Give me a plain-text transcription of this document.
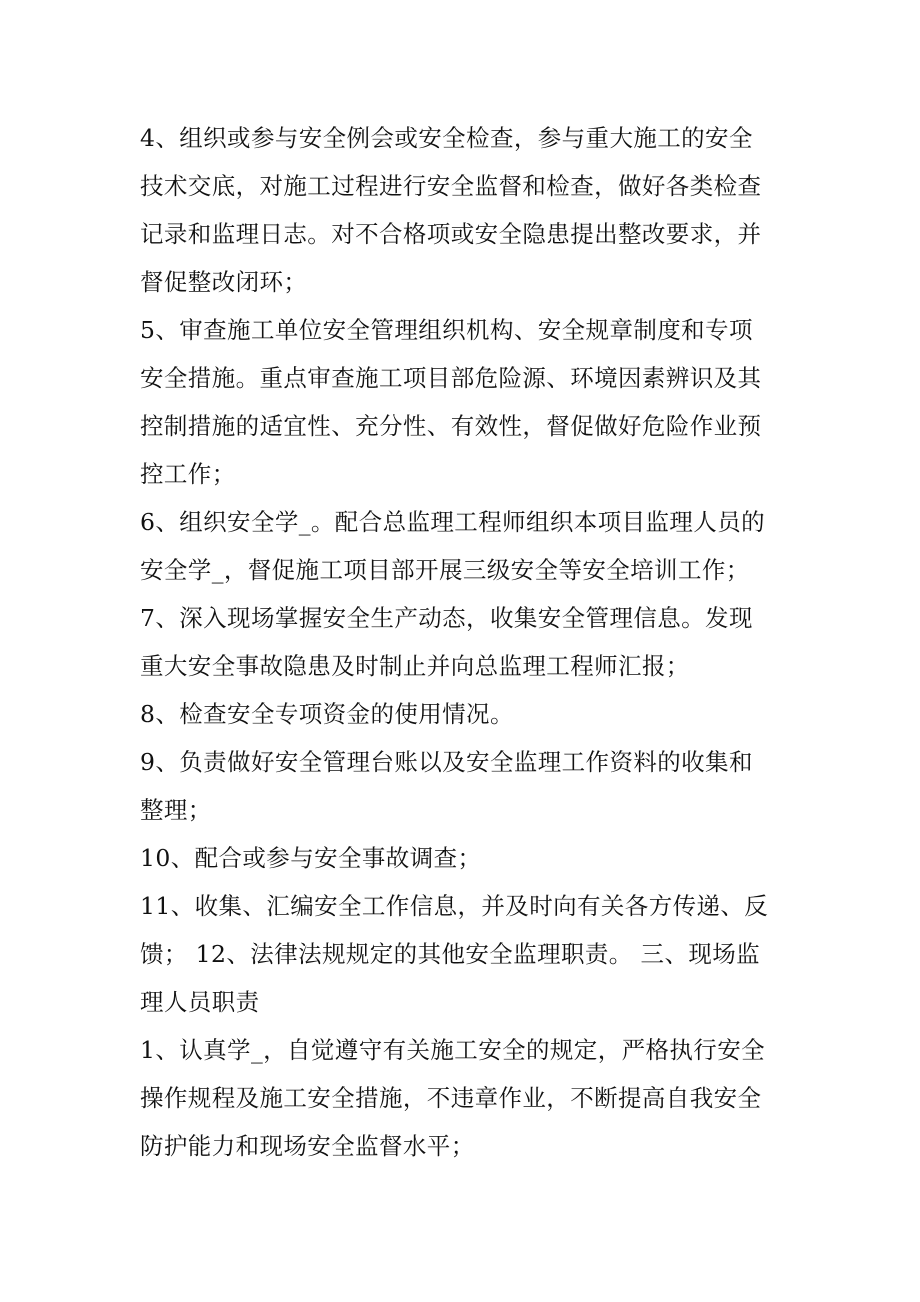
4、组织或参与安全例会或安全检查，参与重大施工的安全
技术交底，对施工过程进行安全监督和检查，做好各类检查
记录和监理日志。对不合格项或安全隐患提出整改要求，并
督促整改闭环；
5、审查施工单位安全管理组织机构、安全规章制度和专项
安全措施。重点审查施工项目部危险源、环境因素辨识及其
控制措施的适宜性、充分性、有效性，督促做好危险作业预
控工作；
6、组织安全学_。配合总监理工程师组织本项目监理人员的
安全学_，督促施工项目部开展三级安全等安全培训工作；
7、深入现场掌握安全生产动态，收集安全管理信息。发现
重大安全事故隐患及时制止并向总监理工程师汇报；
8、检查安全专项资金的使用情况。
9、负责做好安全管理台账以及安全监理工作资料的收集和
整理；
10、配合或参与安全事故调查；
11、收集、汇编安全工作信息，并及时向有关各方传递、反
馈； 12、法律法规规定的其他安全监理职责。 三、现场监
理人员职责
1、认真学_，自觉遵守有关施工安全的规定，严格执行安全
操作规程及施工安全措施，不违章作业，不断提高自我安全
防护能力和现场安全监督水平；
